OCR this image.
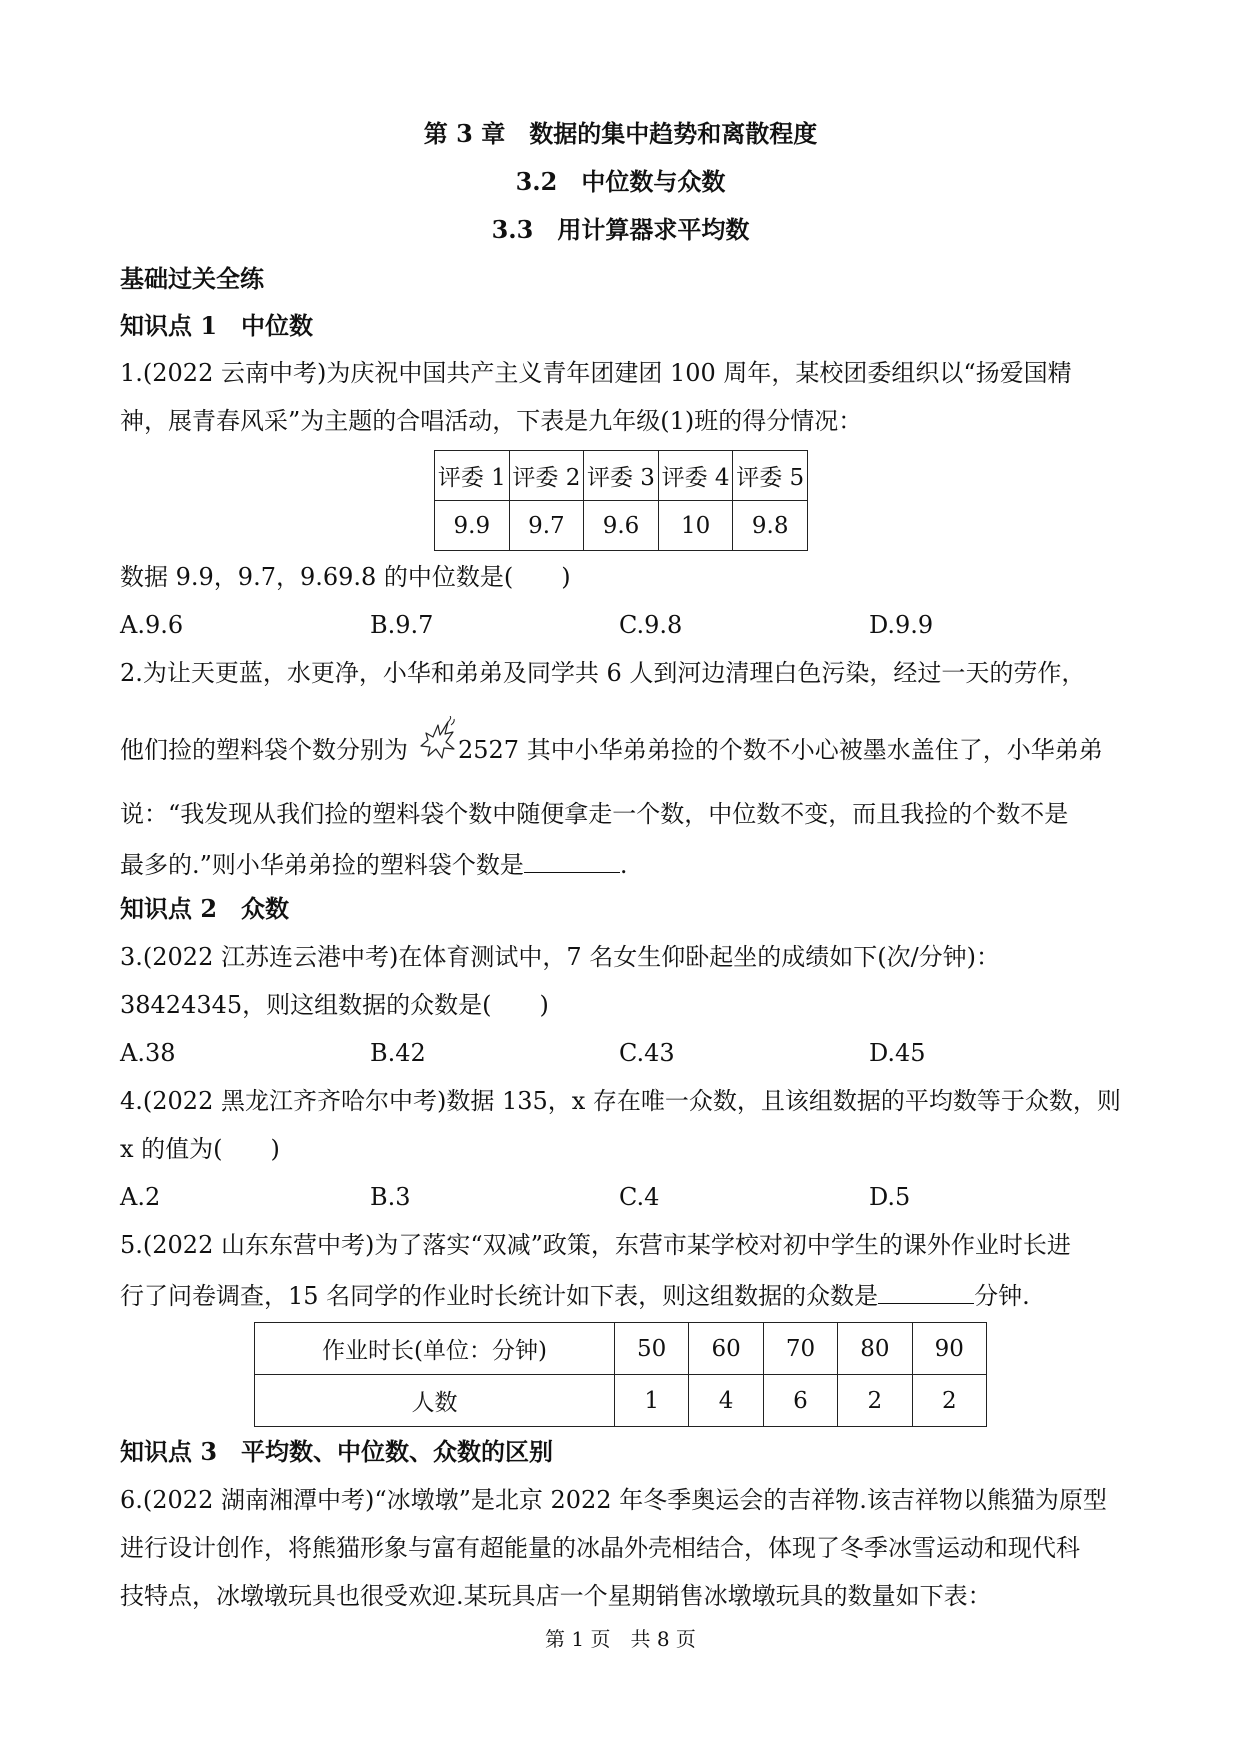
第 3 章　数据的集中趋势和离散程度
3.2　中位数与众数
3.3　用计算器求平均数
基础过关全练
知识点 1　中位数
1.(2022 云南中考)为庆祝中国共产主义青年团建团 100 周年，某校团委组织以“扬爱国精
神，展青春风采”为主题的合唱活动，下表是九年级(1)班的得分情况：
评委 1	评委 2	评委 3	评委 4	评委 5
9.9	9.7	9.6	10	9.8
数据 9.9，9.7，9.69.8 的中位数是(　　)
A.9.6	B.9.7	C.9.8	D.9.9
2.为让天更蓝，水更净，小华和弟弟及同学共 6 人到河边清理白色污染，经过一天的劳作，
他们捡的塑料袋个数分别为 2527 其中小华弟弟捡的个数不小心被墨水盖住了，小华弟弟
说：“我发现从我们捡的塑料袋个数中随便拿走一个数，中位数不变，而且我捡的个数不是
最多的.”则小华弟弟捡的塑料袋个数是	.
知识点 2　众数
3.(2022 江苏连云港中考)在体育测试中，7 名女生仰卧起坐的成绩如下(次/分钟)：
38424345，则这组数据的众数是(　　)
A.38	B.42	C.43	D.45
4.(2022 黑龙江齐齐哈尔中考)数据 135，x 存在唯一众数，且该组数据的平均数等于众数，则
x 的值为(　　)
A.2	B.3	C.4	D.5
5.(2022 山东东营中考)为了落实“双减”政策，东营市某学校对初中学生的课外作业时长进
行了问卷调查，15 名同学的作业时长统计如下表，则这组数据的众数是	分钟.
作业时长(单位：分钟)	50	60	70	80	90
人数	1	4	6	2	2
知识点 3　平均数、中位数、众数的区别
6.(2022 湖南湘潭中考)“冰墩墩”是北京 2022 年冬季奥运会的吉祥物.该吉祥物以熊猫为原型
进行设计创作，将熊猫形象与富有超能量的冰晶外壳相结合，体现了冬季冰雪运动和现代科
技特点，冰墩墩玩具也很受欢迎.某玩具店一个星期销售冰墩墩玩具的数量如下表：
第 1 页　共 8 页
